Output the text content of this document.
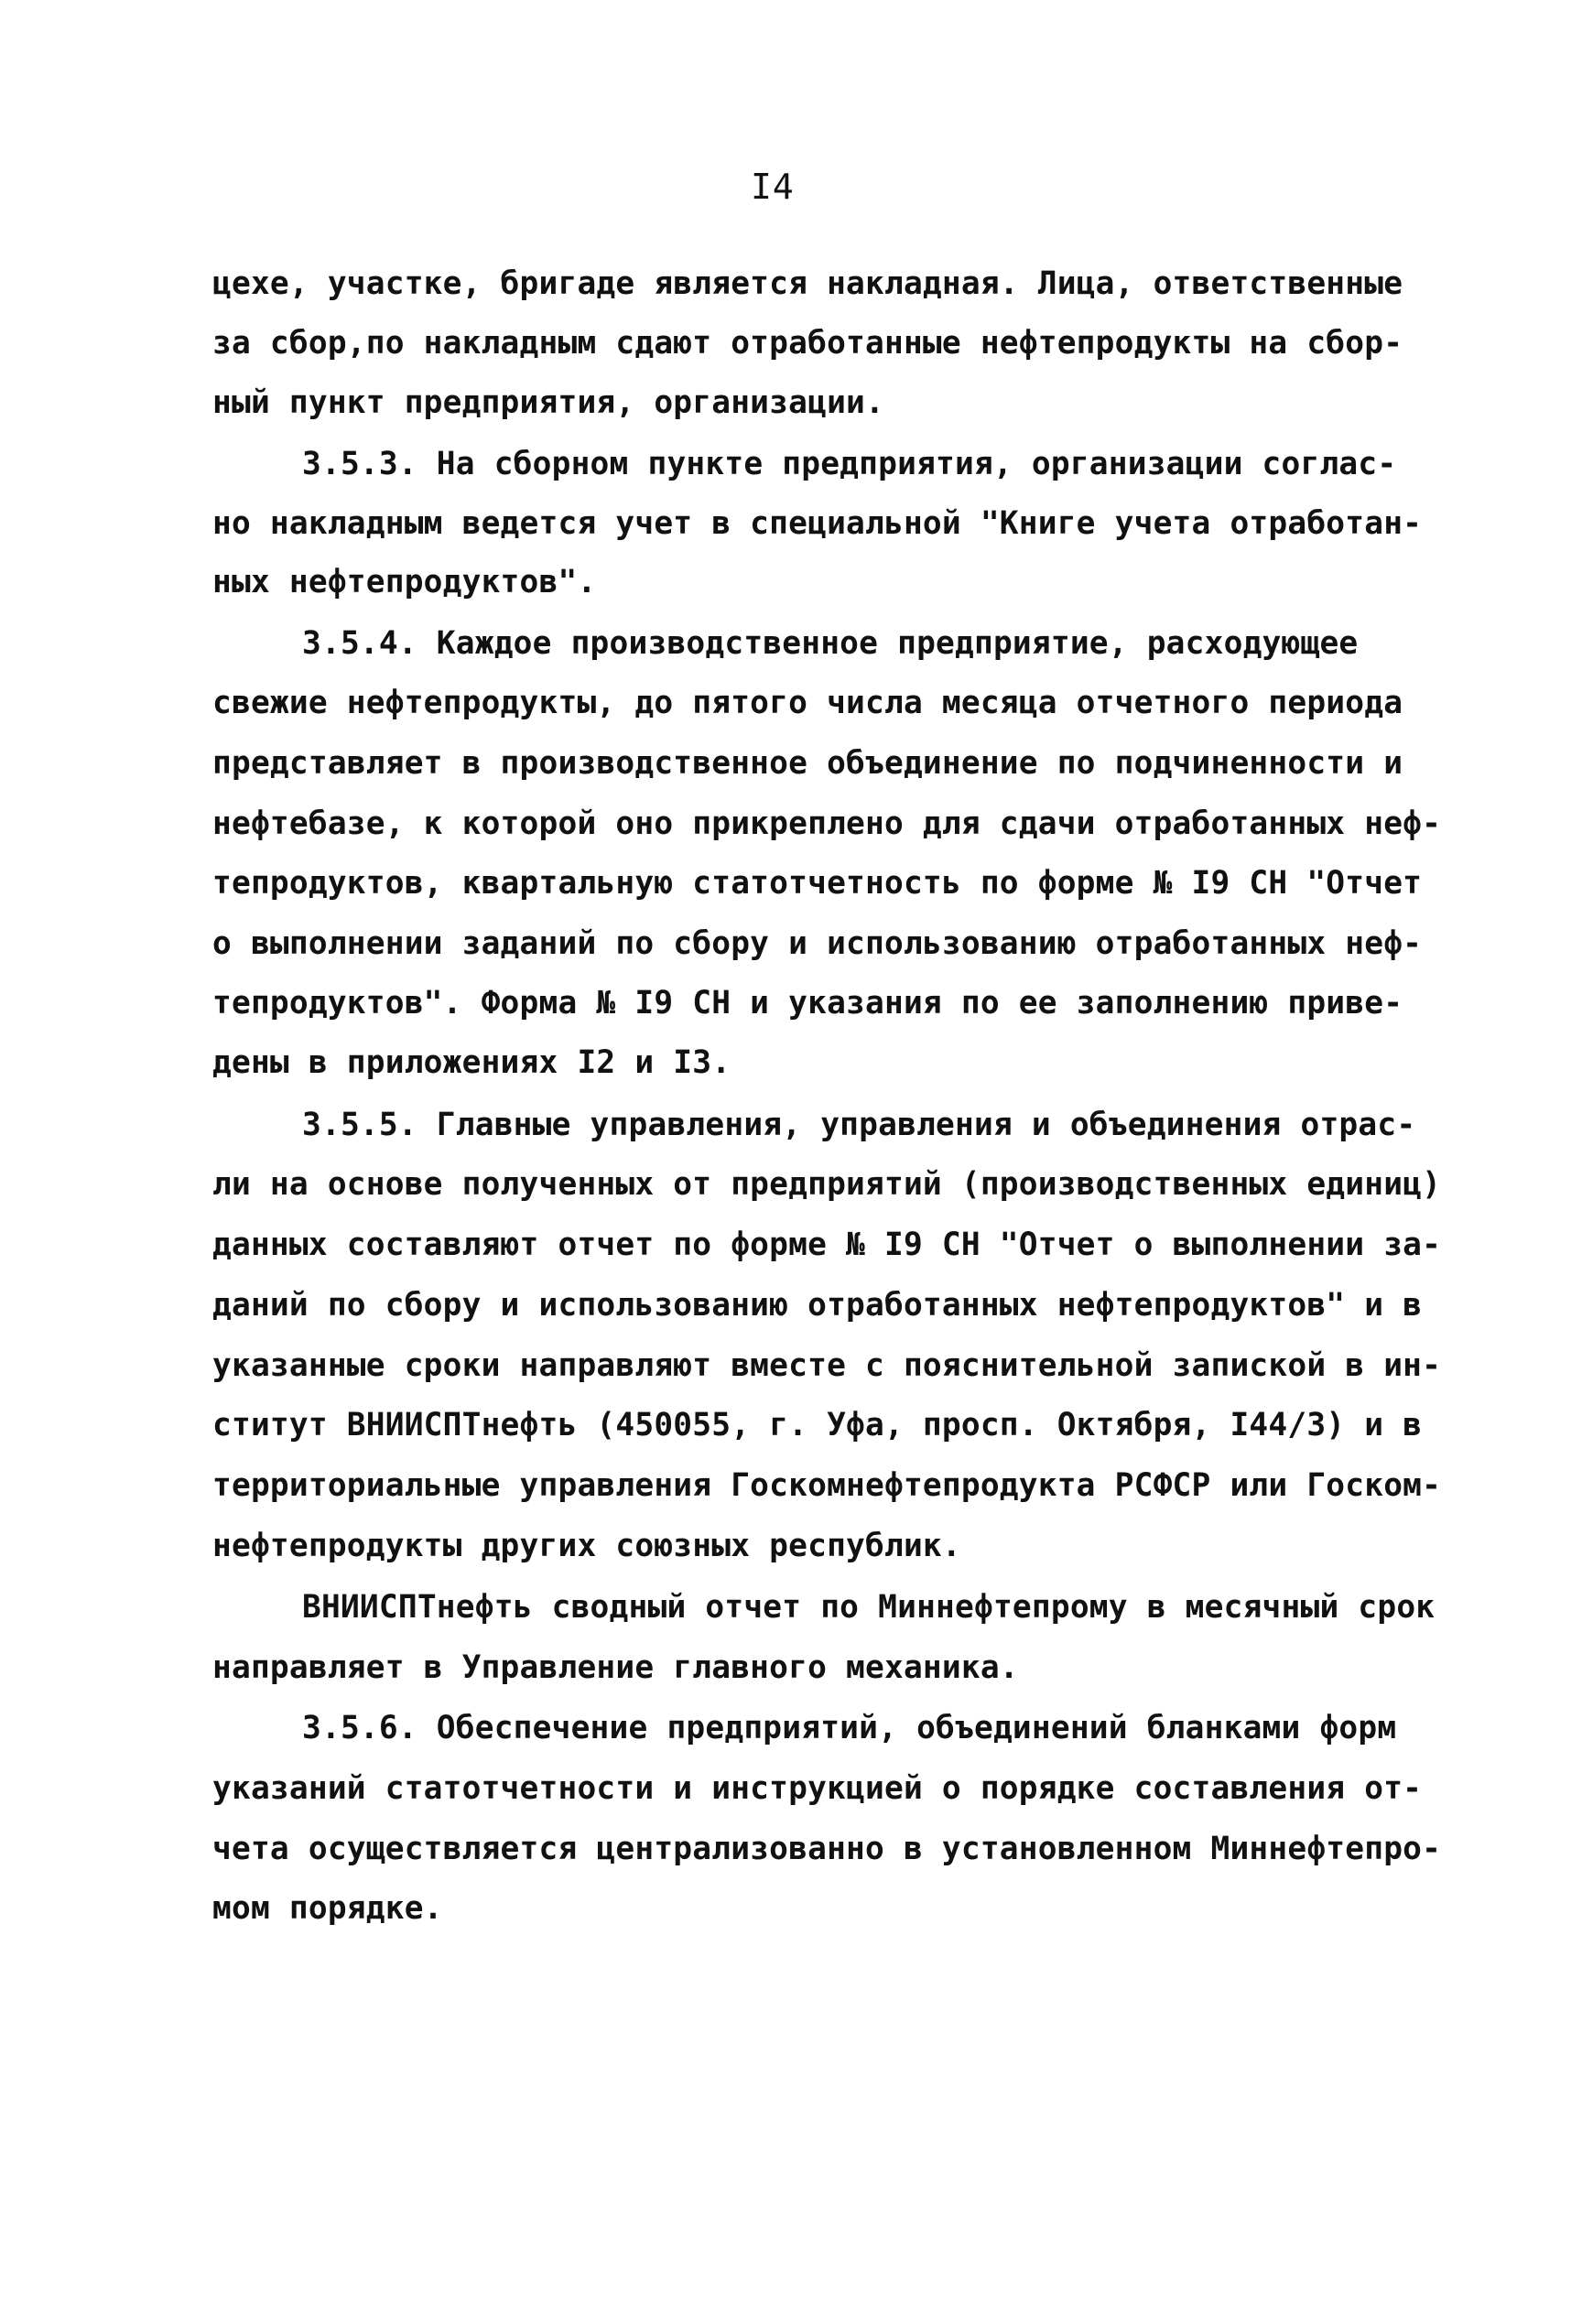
I4
цехе, участке, бригаде является накладная. Лица, ответственные
за сбор,по накладным сдают отработанные нефтепродукты на сбор-
ный пункт предприятия, организации.
3.5.3. На сборном пункте предприятия, организации соглас-
но накладным ведется учет в специальной "Книге учета отработан-
ных нефтепродуктов".
3.5.4. Каждое производственное предприятие, расходующее
свежие нефтепродукты, до пятого числа месяца отчетного периода
представляет в производственное объединение по подчиненности и
нефтебазе, к которой оно прикреплено для сдачи отработанных неф-
тепродуктов, квартальную статотчетность по форме № I9 СН "Отчет
о выполнении заданий по сбору и использованию отработанных неф-
тепродуктов". Форма № I9 СН и указания по ее заполнению приве-
дены в приложениях I2 и I3.
3.5.5. Главные управления, управления и объединения отрас-
ли на основе полученных от предприятий (производственных единиц)
данных составляют отчет по форме № I9 СН "Отчет о выполнении за-
даний по сбору и использованию отработанных нефтепродуктов" и в
указанные сроки направляют вместе с пояснительной запиской в ин-
ститут ВНИИСПТнефть (450055, г. Уфа, просп. Октября, I44/3) и в
территориальные управления Госкомнефтепродукта РСФСР или Госком-
нефтепродукты других союзных республик.
ВНИИСПТнефть сводный отчет по Миннефтепрому в месячный срок
направляет в Управление главного механика.
3.5.6. Обеспечение предприятий, объединений бланками форм
указаний статотчетности и инструкцией о порядке составления от-
чета осуществляется централизованно в установленном Миннефтепро-
мом порядке.
